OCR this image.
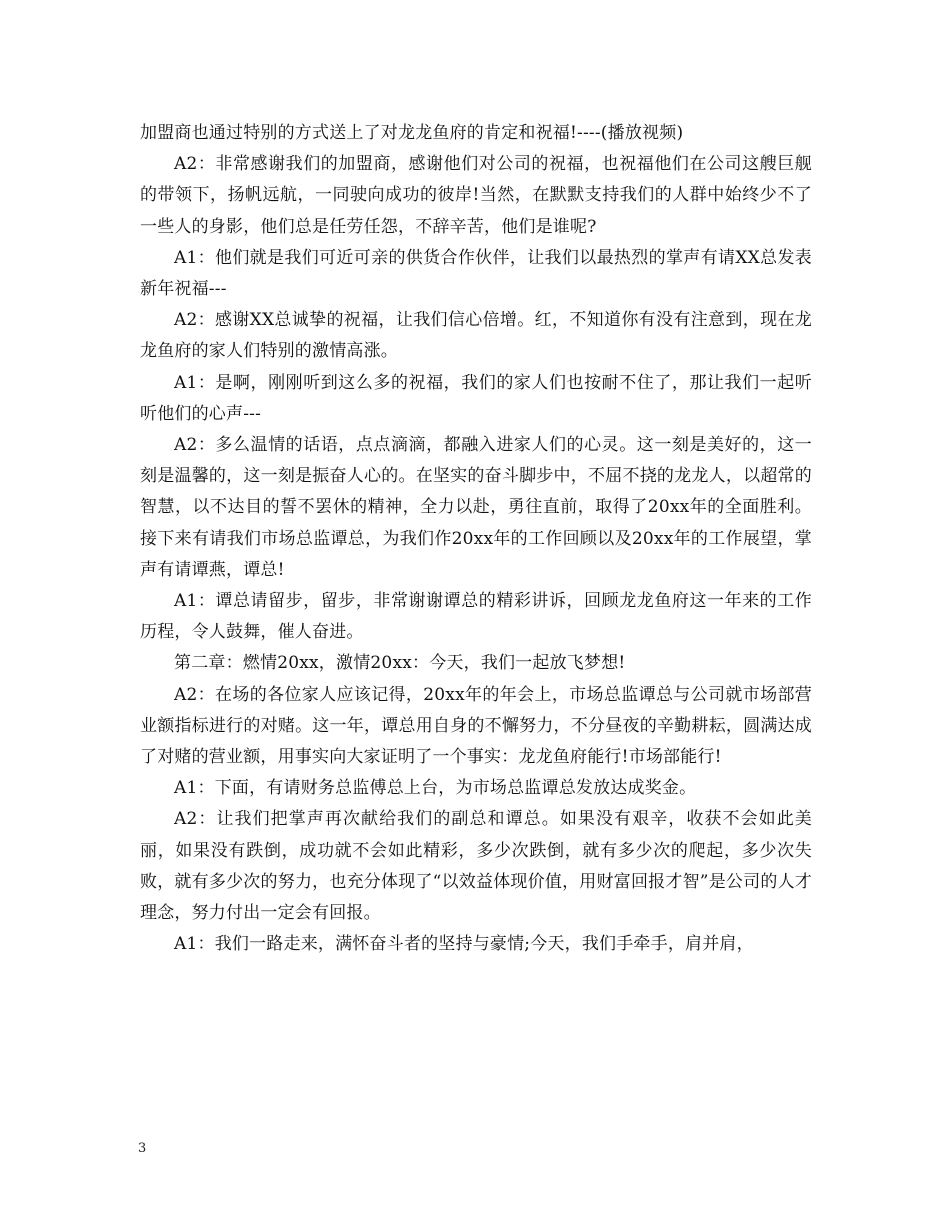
加盟商也通过特别的方式送上了对龙龙鱼府的肯定和祝福!----(播放视频)

A2：非常感谢我们的加盟商，感谢他们对公司的祝福，也祝福他们在公司这艘巨舰的带领下，扬帆远航，一同驶向成功的彼岸!当然，在默默支持我们的人群中始终少不了一些人的身影，他们总是任劳任怨，不辞辛苦，他们是谁呢?

A1：他们就是我们可近可亲的供货合作伙伴，让我们以最热烈的掌声有请XX总发表新年祝福---

A2：感谢XX总诚挚的祝福，让我们信心倍增。红，不知道你有没有注意到，现在龙龙鱼府的家人们特别的激情高涨。

A1：是啊，刚刚听到这么多的祝福，我们的家人们也按耐不住了，那让我们一起听听他们的心声---

A2：多么温情的话语，点点滴滴，都融入进家人们的心灵。这一刻是美好的，这一刻是温馨的，这一刻是振奋人心的。在坚实的奋斗脚步中，不屈不挠的龙龙人，以超常的智慧，以不达目的誓不罢休的精神，全力以赴，勇往直前，取得了20xx年的全面胜利。接下来有请我们市场总监谭总，为我们作20xx年的工作回顾以及20xx年的工作展望，掌声有请谭燕，谭总!

A1：谭总请留步，留步，非常谢谢谭总的精彩讲诉，回顾龙龙鱼府这一年来的工作历程，令人鼓舞，催人奋进。

第二章：燃情20xx，激情20xx：今天，我们一起放飞梦想!

A2：在场的各位家人应该记得，20xx年的年会上，市场总监谭总与公司就市场部营业额指标进行的对赌。这一年，谭总用自身的不懈努力，不分昼夜的辛勤耕耘，圆满达成了对赌的营业额，用事实向大家证明了一个事实：龙龙鱼府能行!市场部能行!

A1：下面，有请财务总监傅总上台，为市场总监谭总发放达成奖金。

A2：让我们把掌声再次献给我们的副总和谭总。如果没有艰辛，收获不会如此美丽，如果没有跌倒，成功就不会如此精彩，多少次跌倒，就有多少次的爬起，多少次失败，就有多少次的努力，也充分体现了“以效益体现价值，用财富回报才智”是公司的人才理念，努力付出一定会有回报。

A1：我们一路走来，满怀奋斗者的坚持与豪情;今天，我们手牵手，肩并肩，

3
